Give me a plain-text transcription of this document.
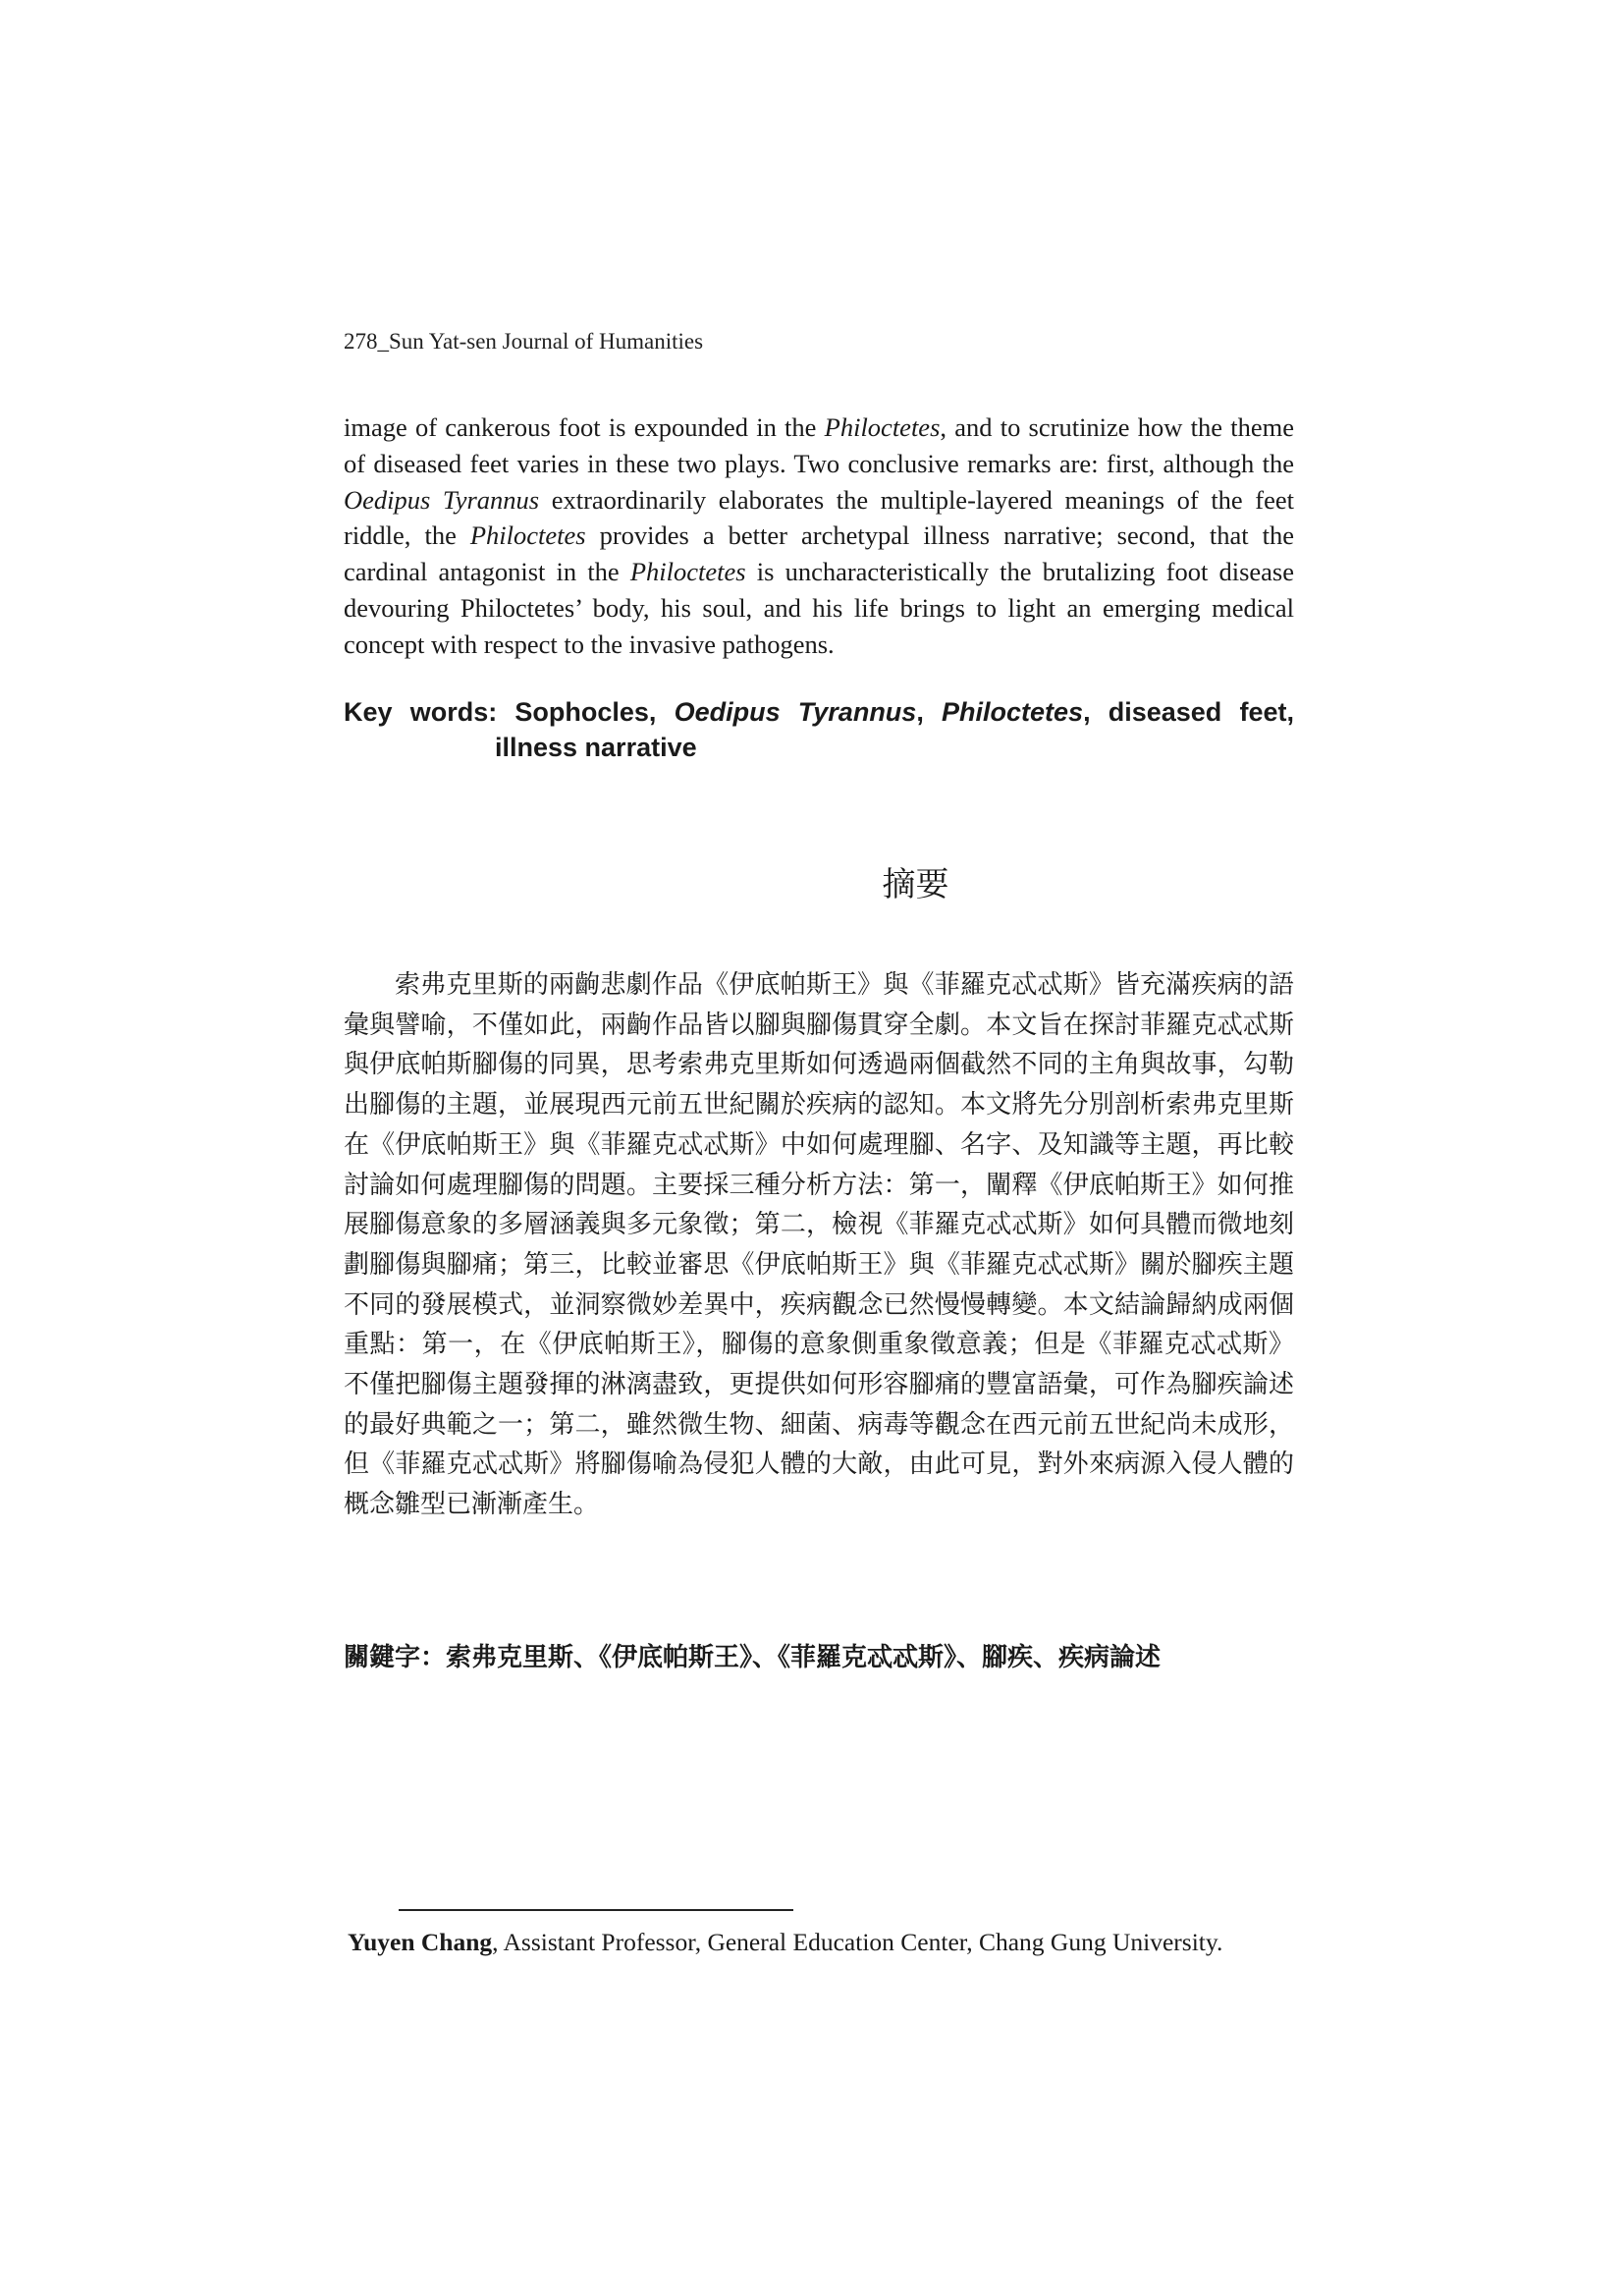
278_Sun Yat-sen Journal of Humanities

image of cankerous foot is expounded in the Philoctetes, and to scrutinize how the theme of diseased feet varies in these two plays. Two conclusive remarks are: first, although the Oedipus Tyrannus extraordinarily elaborates the multiple-layered meanings of the feet riddle, the Philoctetes provides a better archetypal illness narrative; second, that the cardinal antagonist in the Philoctetes is uncharacteristically the brutalizing foot disease devouring Philoctetes’ body, his soul, and his life brings to light an emerging medical concept with respect to the invasive pathogens.

Key words: Sophocles, Oedipus Tyrannus, Philoctetes, diseased feet, illness narrative
摘要

索弗克里斯的兩齣悲劇作品《伊底帕斯王》與《菲羅克忒忒斯》皆充滿疾病的語彙與譬喻，不僅如此，兩齣作品皆以腳與腳傷貫穿全劇。本文旨在探討菲羅克忒忒斯與伊底帕斯腳傷的同異，思考索弗克里斯如何透過兩個截然不同的主角與故事，勾勒出腳傷的主題，並展現西元前五世紀關於疾病的認知。本文將先分別剖析索弗克里斯在《伊底帕斯王》與《菲羅克忒忒斯》中如何處理腳、名字、及知識等主題，再比較討論如何處理腳傷的問題。主要採三種分析方法：第一，闡釋《伊底帕斯王》如何推展腳傷意象的多層涵義與多元象徵；第二，檢視《菲羅克忒忒斯》如何具體而微地刻劃腳傷與腳痛；第三，比較並審思《伊底帕斯王》與《菲羅克忒忒斯》關於腳疾主題不同的發展模式，並洞察微妙差異中，疾病觀念已然慢慢轉變。本文結論歸納成兩個重點：第一，在《伊底帕斯王》，腳傷的意象側重象徵意義；但是《菲羅克忒忒斯》不僅把腳傷主題發揮的淋漓盡致，更提供如何形容腳痛的豐富語彙，可作為腳疾論述的最好典範之一；第二，雖然微生物、細菌、病毒等觀念在西元前五世紀尚未成形，但《菲羅克忒忒斯》將腳傷喻為侵犯人體的大敵，由此可見，對外來病源入侵人體的概念雛型已漸漸產生。

關鍵字：索弗克里斯、《伊底帕斯王》、《菲羅克忒忒斯》、腳疾、疾病論述
Yuyen Chang, Assistant Professor, General Education Center, Chang Gung University.
